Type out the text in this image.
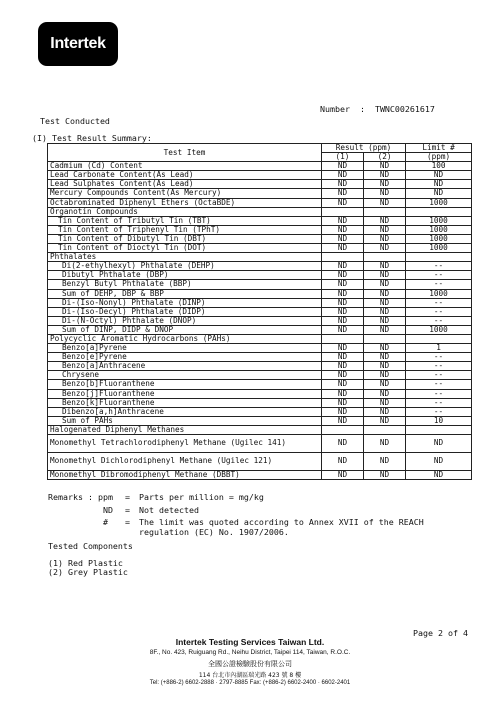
Intertek
Number  :  TWNC00261617
Test Conducted
(I) Test Result Summary:
Test Item	Result (ppm)		Limit #
	(1)	(2)	(ppm)
Cadmium (Cd) Content	ND	ND	100
Lead Carbonate Content(As Lead)	ND	ND	ND
Lead Sulphates Content(As Lead)	ND	ND	ND
Mercury Compounds Content(As Mercury)	ND	ND	ND
Octabrominated Diphenyl Ethers (OctaBDE)	ND	ND	1000
Organotin Compounds			
Tin Content of Tributyl Tin (TBT)	ND	ND	1000
Tin Content of Triphenyl Tin (TPhT)	ND	ND	1000
Tin Content of Dibutyl Tin (DBT)	ND	ND	1000
Tin Content of Dioctyl Tin (DOT)	ND	ND	1000
Phthalates			
Di(2-ethylhexyl) Phthalate (DEHP)	ND	ND	--
Dibutyl Phthalate (DBP)	ND	ND	--
Benzyl Butyl Phthalate (BBP)	ND	ND	--
Sum of DEHP, DBP & BBP	ND	ND	1000
Di-(Iso-Nonyl) Phthalate (DINP)	ND	ND	--
Di-(Iso-Decyl) Phthalate (DIDP)	ND	ND	--
Di-(N-Octyl) Phthalate (DNOP)	ND	ND	--
Sum of DINP, DIDP & DNOP	ND	ND	1000
Polycyclic Aromatic Hydrocarbons (PAHs)			
Benzo[a]Pyrene	ND	ND	1
Benzo[e]Pyrene	ND	ND	--
Benzo[a]Anthracene	ND	ND	--
Chrysene	ND	ND	--
Benzo[b]Fluoranthene	ND	ND	--
Benzo[j]Fluoranthene	ND	ND	--
Benzo[k]Fluoranthene	ND	ND	--
Dibenzo[a,h]Anthracene	ND	ND	--
Sum of PAHs	ND	ND	10
Halogenated Diphenyl Methanes			
Monomethyl Tetrachlorodiphenyl Methane (Ugilec 141)	ND	ND	ND
Monomethyl Dichlorodiphenyl Methane (Ugilec 121)	ND	ND	ND
Monomethyl Dibromodiphenyl Methane (DBBT)	ND	ND	ND
Remarks : ppm = Parts per million = mg/kg
ND = Not detected
# = The limit was quoted according to Annex XVII of the REACH
regulation (EC) No. 1907/2006.
Tested Components
(1) Red Plastic
(2) Grey Plastic
Page 2 of 4
Intertek Testing Services Taiwan Ltd.
8F., No. 423, Ruiguang Rd., Neihu District, Taipei 114, Taiwan, R.O.C.
全國公證檢驗股份有限公司
114 台北市內湖區瑞光路 423 號 8 樓
Tel: (+886-2) 6602-2888 · 2797-8885 Fax: (+886-2) 6602-2400 · 6602-2401
